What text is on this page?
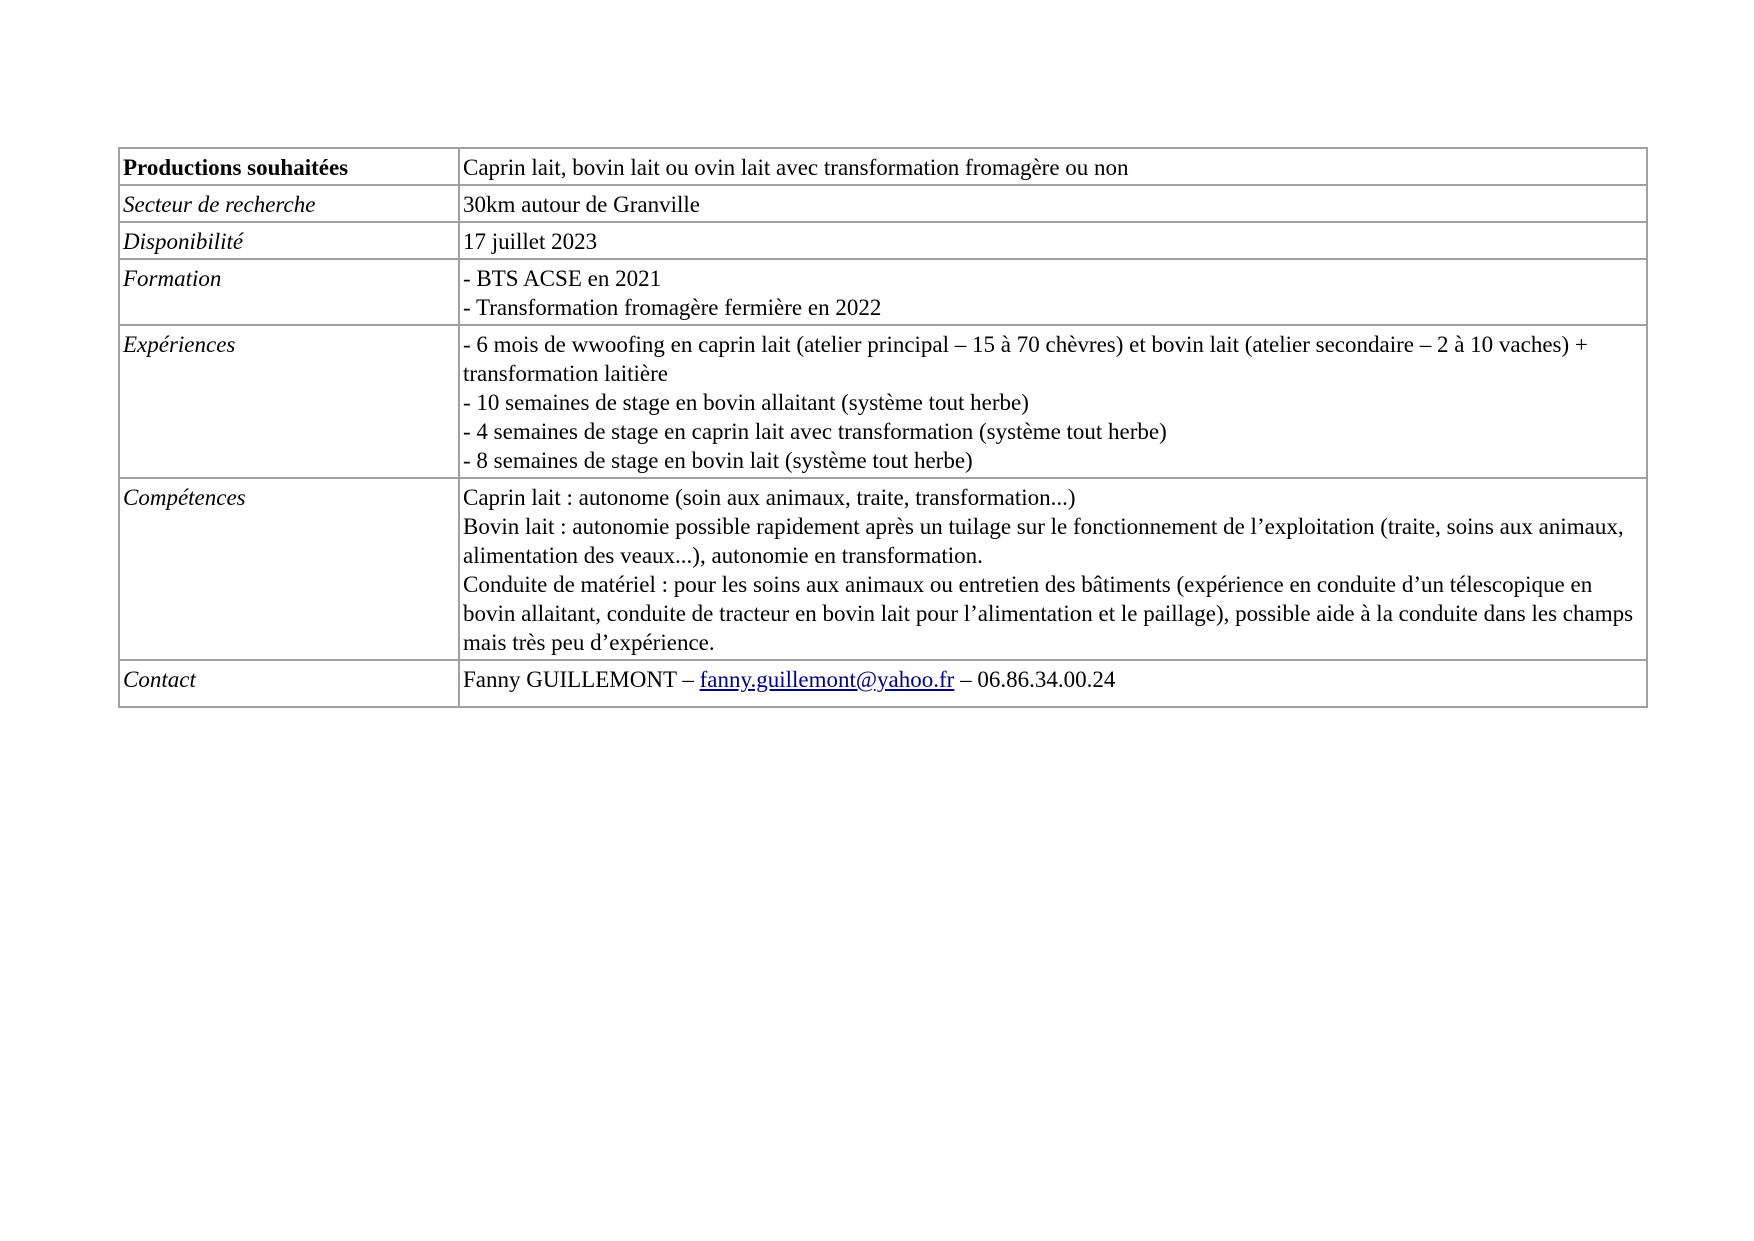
Productions souhaitées	Caprin lait, bovin lait ou ovin lait avec transformation fromagère ou non

Secteur de recherche	30km autour de Granville

Disponibilité	17 juillet 2023

Formation	- BTS ACSE en 2021
- Transformation fromagère fermière en 2022

Expériences	- 6 mois de wwoofing en caprin lait (atelier principal – 15 à 70 chèvres) et bovin lait (atelier secondaire – 2 à 10 vaches) + transformation laitière
- 10 semaines de stage en bovin allaitant (système tout herbe)
- 4 semaines de stage en caprin lait avec transformation (système tout herbe)
- 8 semaines de stage en bovin lait (système tout herbe)

Compétences	Caprin lait : autonome (soin aux animaux, traite, transformation...)
Bovin lait : autonomie possible rapidement après un tuilage sur le fonctionnement de l’exploitation (traite, soins aux animaux, alimentation des veaux...), autonomie en transformation.
Conduite de matériel : pour les soins aux animaux ou entretien des bâtiments (expérience en conduite d’un télescopique en bovin allaitant, conduite de tracteur en bovin lait pour l’alimentation et le paillage), possible aide à la conduite dans les champs mais très peu d’expérience.

Contact	Fanny GUILLEMONT – fanny.guillemont@yahoo.fr – 06.86.34.00.24
